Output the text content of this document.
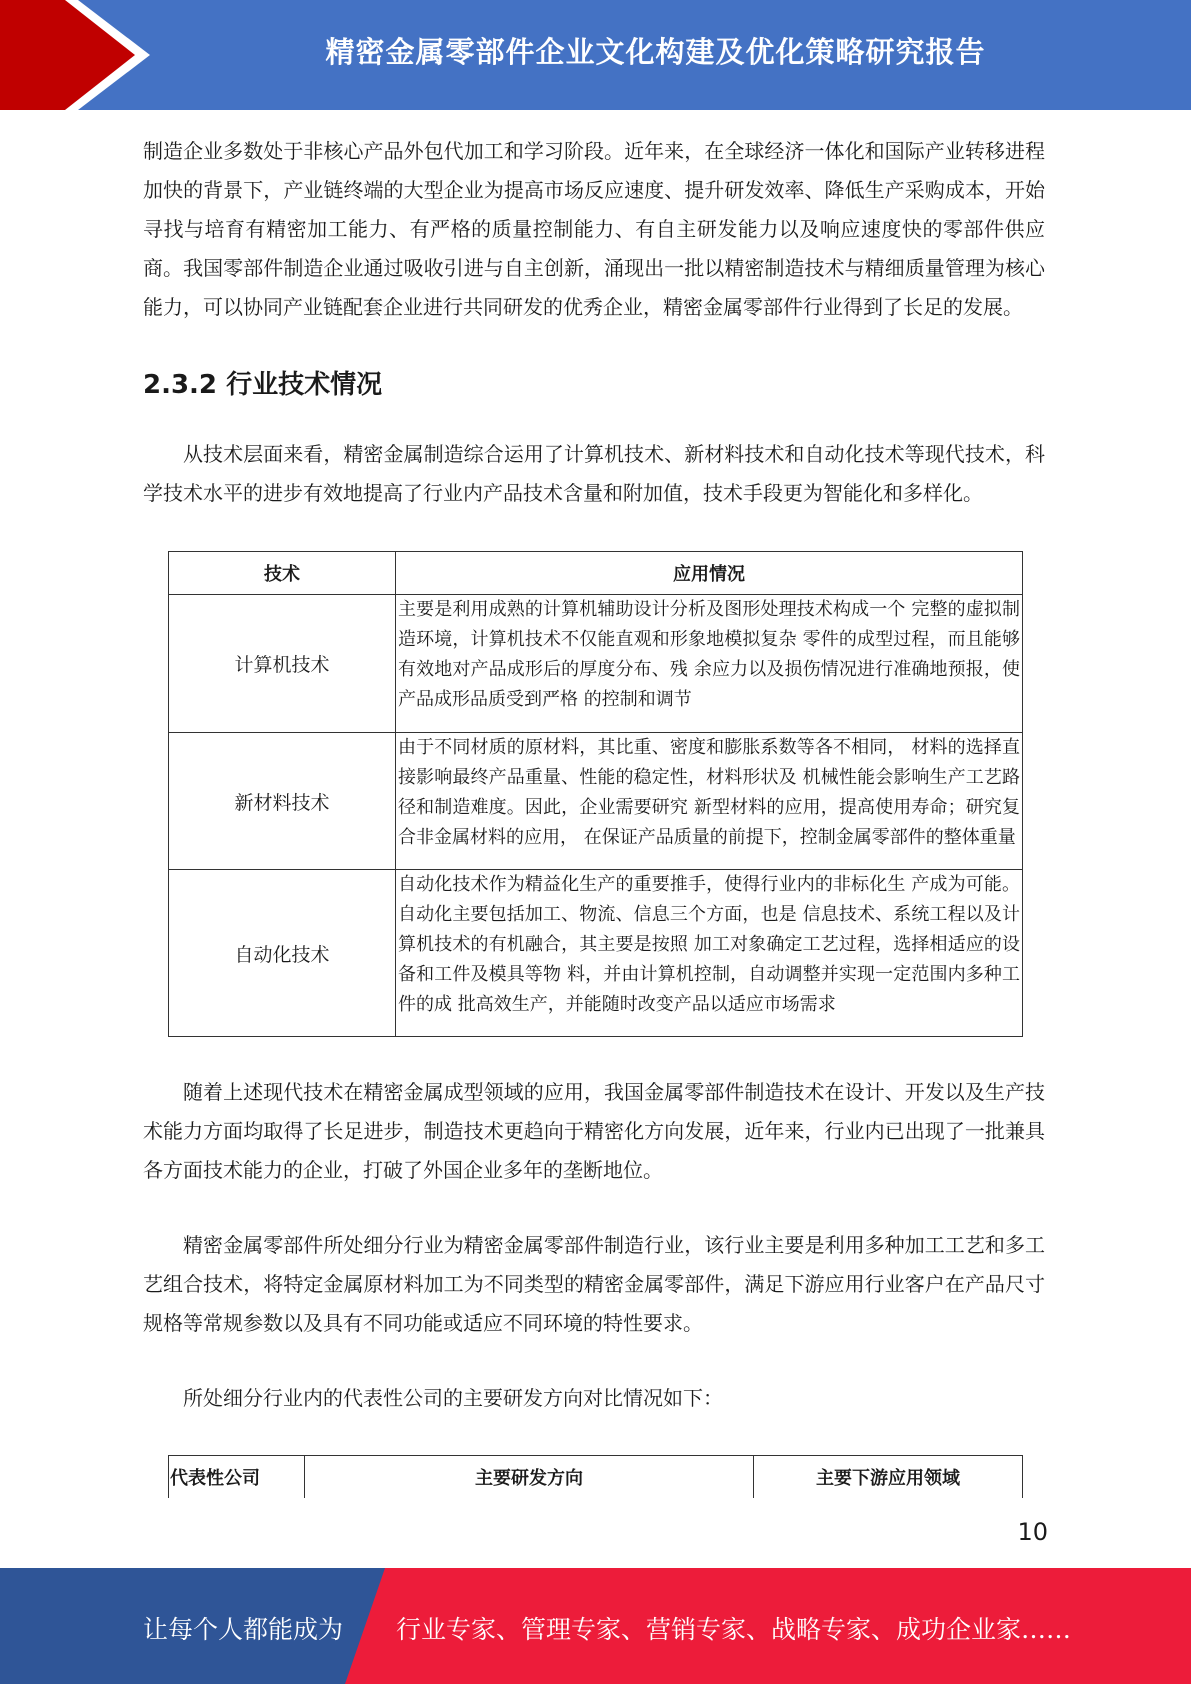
精密金属零部件企业文化构建及优化策略研究报告

制造企业多数处于非核心产品外包代加工和学习阶段。近年来，在全球经济一体化和国际产业转移进程加快的背景下，产业链终端的大型企业为提高市场反应速度、提升研发效率、降低生产采购成本，开始寻找与培育有精密加工能力、有严格的质量控制能力、有自主研发能力以及响应速度快的零部件供应商。我国零部件制造企业通过吸收引进与自主创新，涌现出一批以精密制造技术与精细质量管理为核心能力，可以协同产业链配套企业进行共同研发的优秀企业，精密金属零部件行业得到了长足的发展。

2.3.2 行业技术情况

从技术层面来看，精密金属制造综合运用了计算机技术、新材料技术和自动化技术等现代技术，科学技术水平的进步有效地提高了行业内产品技术含量和附加值，技术手段更为智能化和多样化。

技术	应用情况
计算机技术	主要是利用成熟的计算机辅助设计分析及图形处理技术构成一个 完整的虚拟制造环境，计算机技术不仅能直观和形象地模拟复杂 零件的成型过程，而且能够有效地对产品成形后的厚度分布、残 余应力以及损伤情况进行准确地预报，使产品成形品质受到严格 的控制和调节
新材料技术	由于不同材质的原材料，其比重、密度和膨胀系数等各不相同， 材料的选择直接影响最终产品重量、性能的稳定性，材料形状及 机械性能会影响生产工艺路径和制造难度。因此，企业需要研究 新型材料的应用，提高使用寿命；研究复合非金属材料的应用， 在保证产品质量的前提下，控制金属零部件的整体重量
自动化技术	自动化技术作为精益化生产的重要推手，使得行业内的非标化生 产成为可能。自动化主要包括加工、物流、信息三个方面，也是 信息技术、系统工程以及计算机技术的有机融合，其主要是按照 加工对象确定工艺过程，选择相适应的设备和工件及模具等物 料，并由计算机控制，自动调整并实现一定范围内多种工件的成 批高效生产，并能随时改变产品以适应市场需求

随着上述现代技术在精密金属成型领域的应用，我国金属零部件制造技术在设计、开发以及生产技术能力方面均取得了长足进步，制造技术更趋向于精密化方向发展，近年来，行业内已出现了一批兼具各方面技术能力的企业，打破了外国企业多年的垄断地位。

精密金属零部件所处细分行业为精密金属零部件制造行业，该行业主要是利用多种加工工艺和多工艺组合技术，将特定金属原材料加工为不同类型的精密金属零部件，满足下游应用行业客户在产品尺寸规格等常规参数以及具有不同功能或适应不同环境的特性要求。

所处细分行业内的代表性公司的主要研发方向对比情况如下：

代表性公司	主要研发方向	主要下游应用领域
10
让每个人都能成为 行业专家、管理专家、营销专家、战略专家、成功企业家……
